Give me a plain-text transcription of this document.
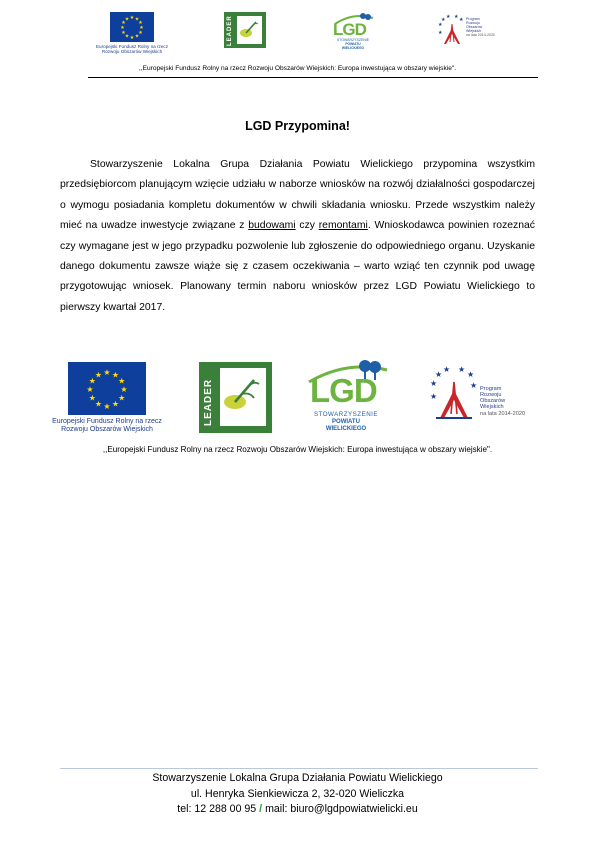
★ ★
★
★
★
★
★
★
★
★
★
★
Europejski Fundusz Rolny na rzecz
Rozwoju Obszarów Wiejskich
LEADER	LGD
STOWARZYSZENIE
POWIATU
WIELICKIEGO
★
★ ★ ★ ★
★
Program
Rozwoju
Obszarów
Wiejskich
na lata 2014-2020
,,Europejski Fundusz Rolny na rzecz Rozwoju Obszarów Wiejskich: Europa inwestująca w obszary wiejskie".
LGD Przypomina!
Stowarzyszenie Lokalna Grupa Działania Powiatu Wielickiego przypomina wszystkim przedsiębiorcom planującym wzięcie udziału w naborze wniosków na rozwój działalności gospodarczej o wymogu posiadania kompletu dokumentów w chwili składania wniosku. Przede wszystkim należy mieć na uwadze inwestycje związane z budowami czy remontami. Wnioskodawca powinien rozeznać czy wymagane jest w jego przypadku pozwolenie lub zgłoszenie do odpowiedniego organu. Uzyskanie danego dokumentu zawsze wiąże się z czasem oczekiwania – warto wziąć ten czynnik pod uwagę przygotowując wniosek. Planowany termin naboru wniosków przez LGD Powiatu Wielickiego to pierwszy kwartał 2017.
★ ★
★
★
★
★
★
★
★
★
★
★
Europejski Fundusz Rolny na rzecz
Rozwoju Obszarów Wiejskich
LEADER	LGD
STOWARZYSZENIE
POWIATU
WIELICKIEGO
★
★
★ ★
★
★
★ Program
Rozwoju
Obszarów
Wiejskich
na lata 2014-2020
,,Europejski Fundusz Rolny na rzecz Rozwoju Obszarów Wiejskich: Europa inwestująca w obszary wiejskie".
Stowarzyszenie Lokalna Grupa Działania Powiatu Wielickiego
ul. Henryka Sienkiewicza 2, 32-020 Wieliczka
tel: 12 288 00 95 / mail: biuro@lgdpowiatwielicki.eu
